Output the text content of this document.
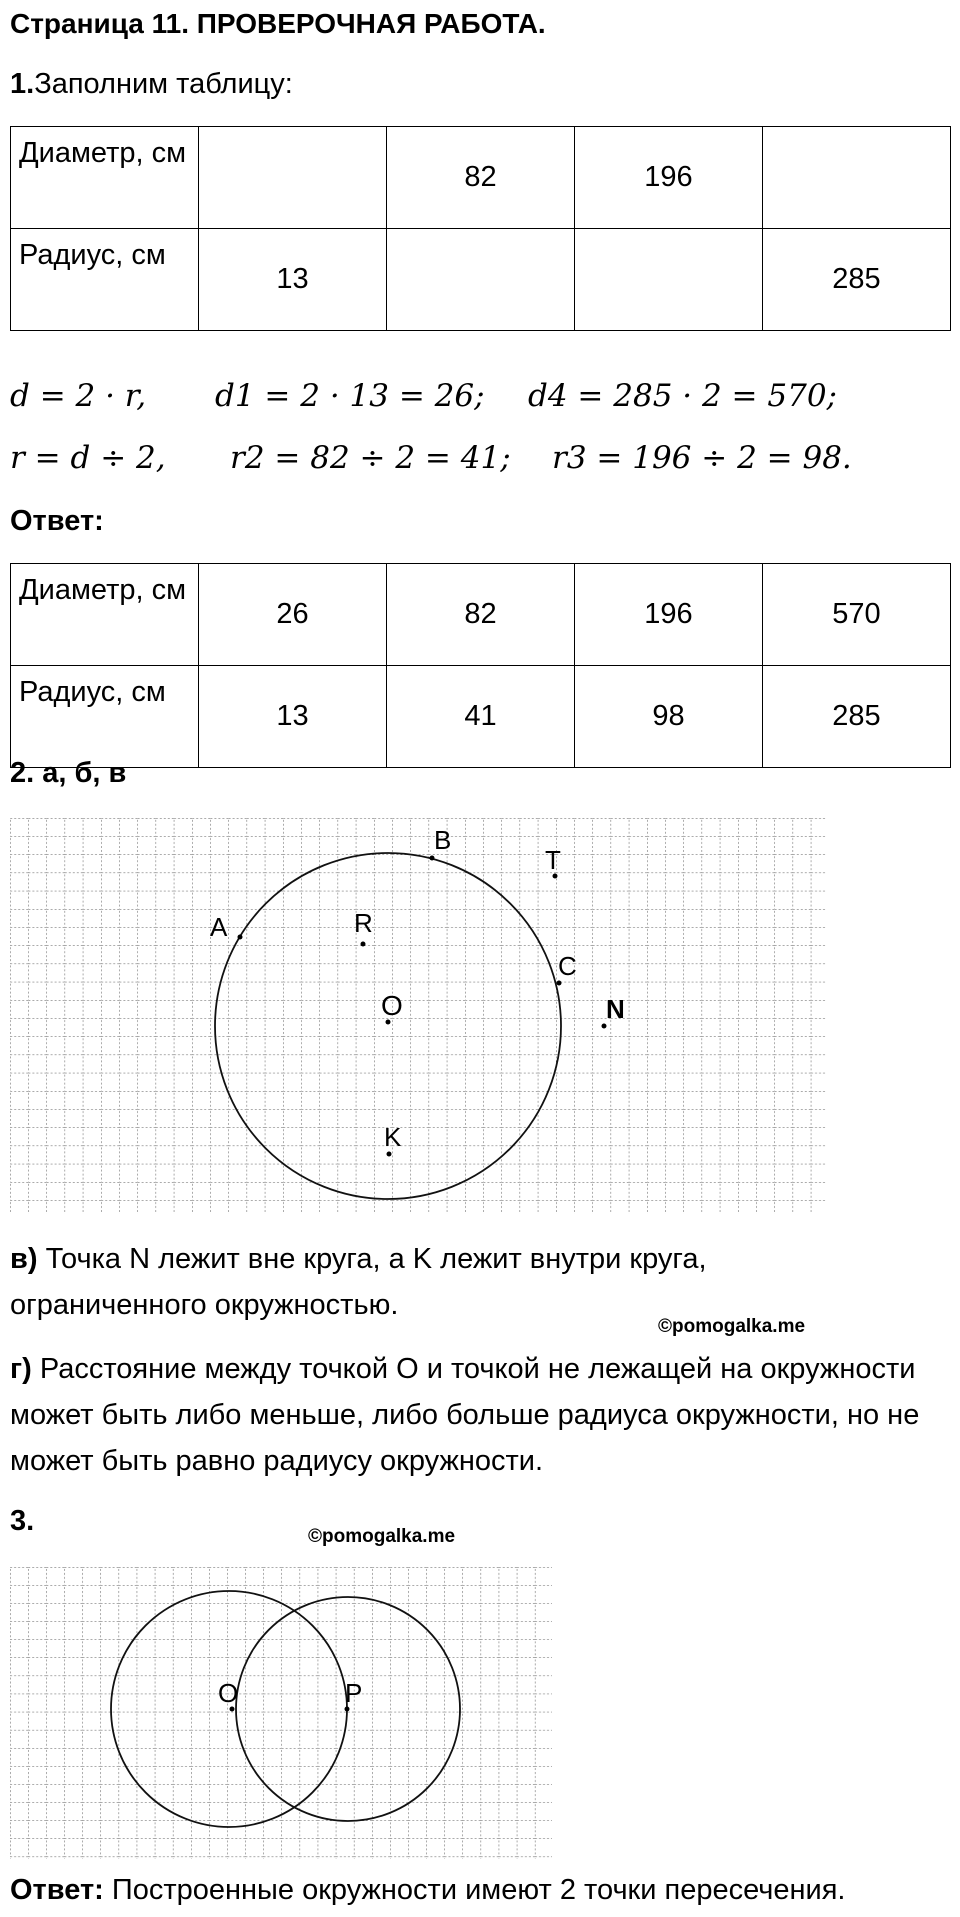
Страница 11. ПРОВЕРОЧНАЯ РАБОТА.
1.Заполним таблицу:
Диаметр, см		82	196	
Радиус, см	13			285
d = 2 · r, d1 = 2 · 13 = 26; d4 = 285 · 2 = 570;
r = d ÷ 2, r2 = 82 ÷ 2 = 41; r3 = 196 ÷ 2 = 98.
Ответ:
Диаметр, см	26	82	196	570
Радиус, см	13	41	98	285
2. а, б, в
B
T
A	R
C
O	N
K
в) Точка N лежит вне круга, а K лежит внутри круга, ограниченного окружностью.
©pomogalka.me
г) Расстояние между точкой О и точкой не лежащей на окружности может быть либо меньше, либо больше радиуса окружности, но не может быть равно радиусу окружности.
3.	©pomogalka.me
O	P
Ответ: Построенные окружности имеют 2 точки пересечения.
